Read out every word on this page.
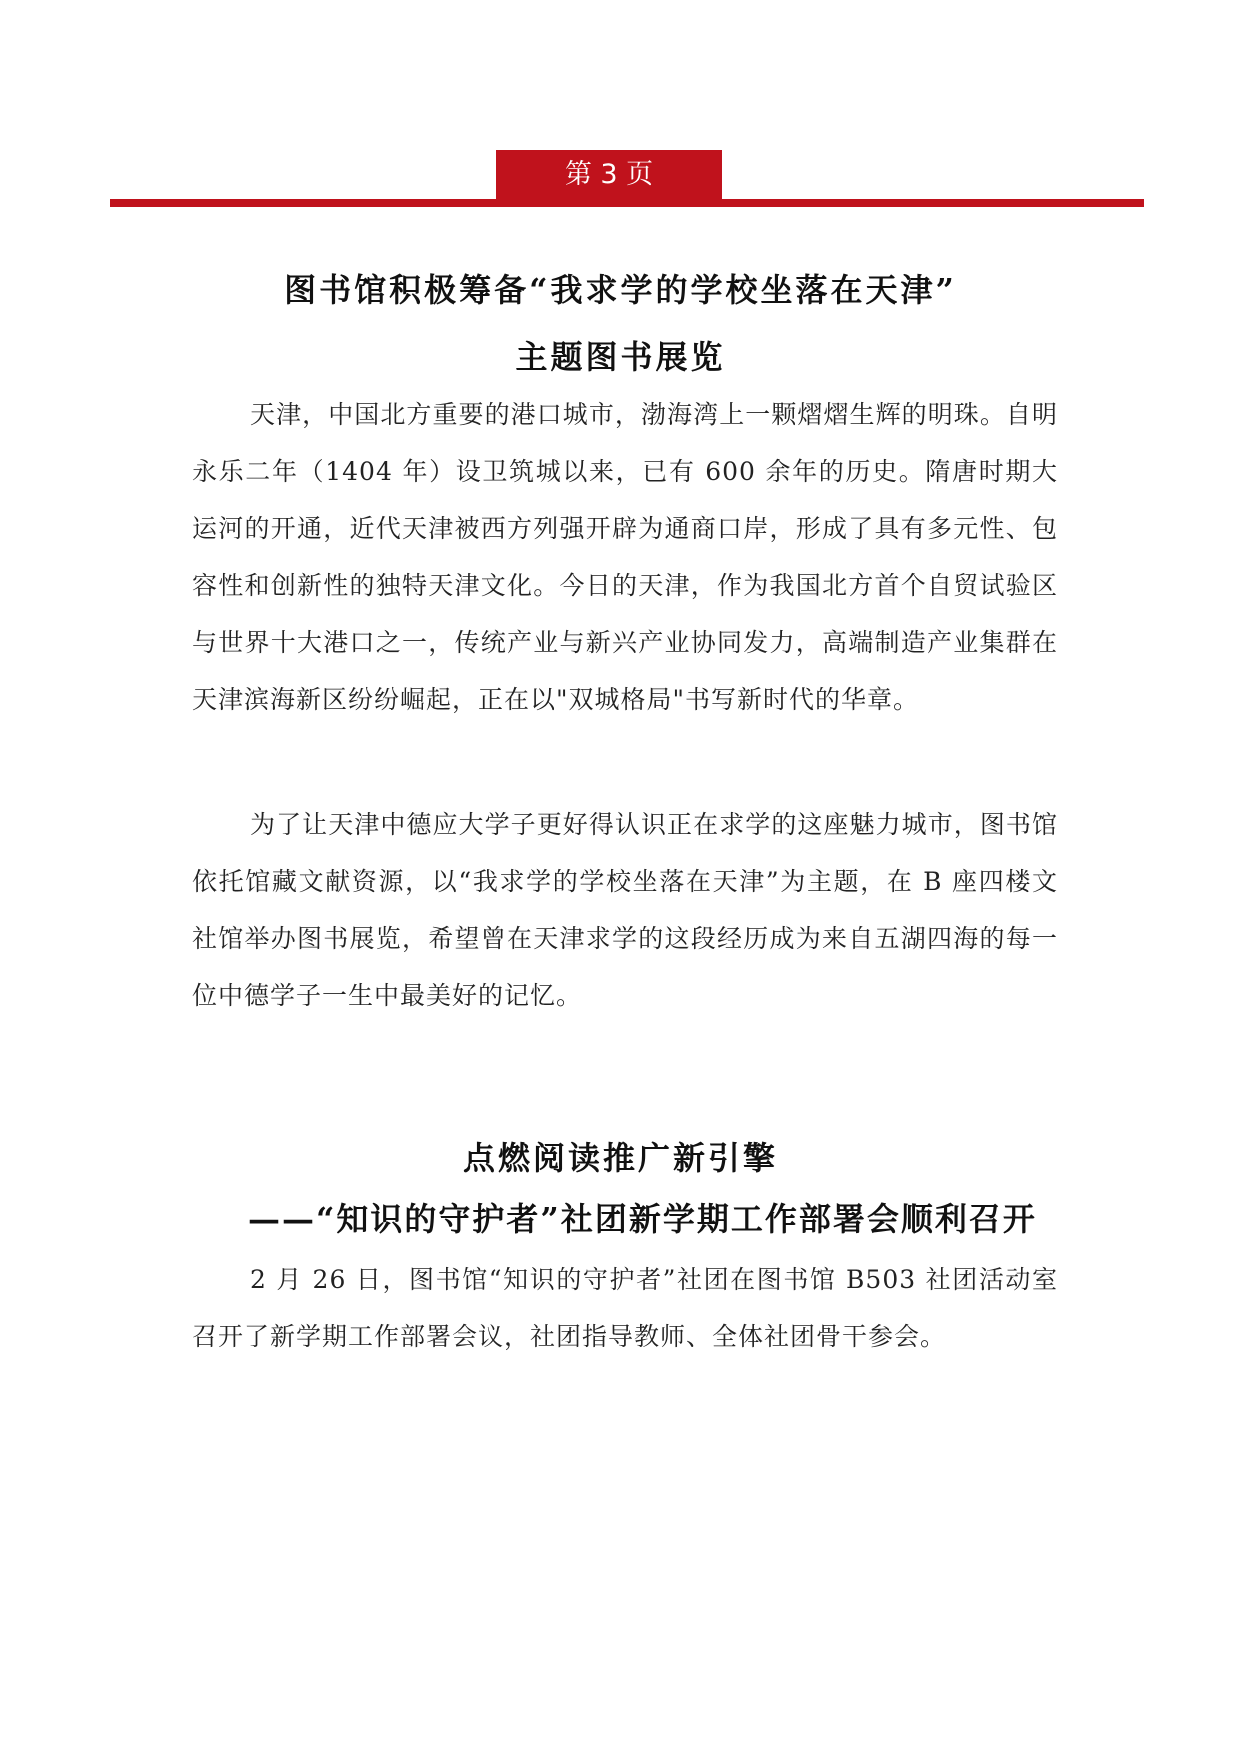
第 3 页
图书馆积极筹备“我求学的学校坐落在天津”
主题图书展览

天津，中国北方重要的港口城市，渤海湾上一颗熠熠生辉的明珠。自明永乐二年（1404 年）设卫筑城以来，已有 600 余年的历史。隋唐时期大运河的开通，近代天津被西方列强开辟为通商口岸，形成了具有多元性、包容性和创新性的独特天津文化。今日的天津，作为我国北方首个自贸试验区与世界十大港口之一，传统产业与新兴产业协同发力，高端制造产业集群在天津滨海新区纷纷崛起，正在以"双城格局"书写新时代的华章。

为了让天津中德应大学子更好得认识正在求学的这座魅力城市，图书馆依托馆藏文献资源，以“我求学的学校坐落在天津”为主题，在 B 座四楼文社馆举办图书展览，希望曾在天津求学的这段经历成为来自五湖四海的每一位中德学子一生中最美好的记忆。

点燃阅读推广新引擎
——“知识的守护者”社团新学期工作部署会顺利召开

2 月 26 日，图书馆“知识的守护者”社团在图书馆 B503 社团活动室召开了新学期工作部署会议，社团指导教师、全体社团骨干参会。
